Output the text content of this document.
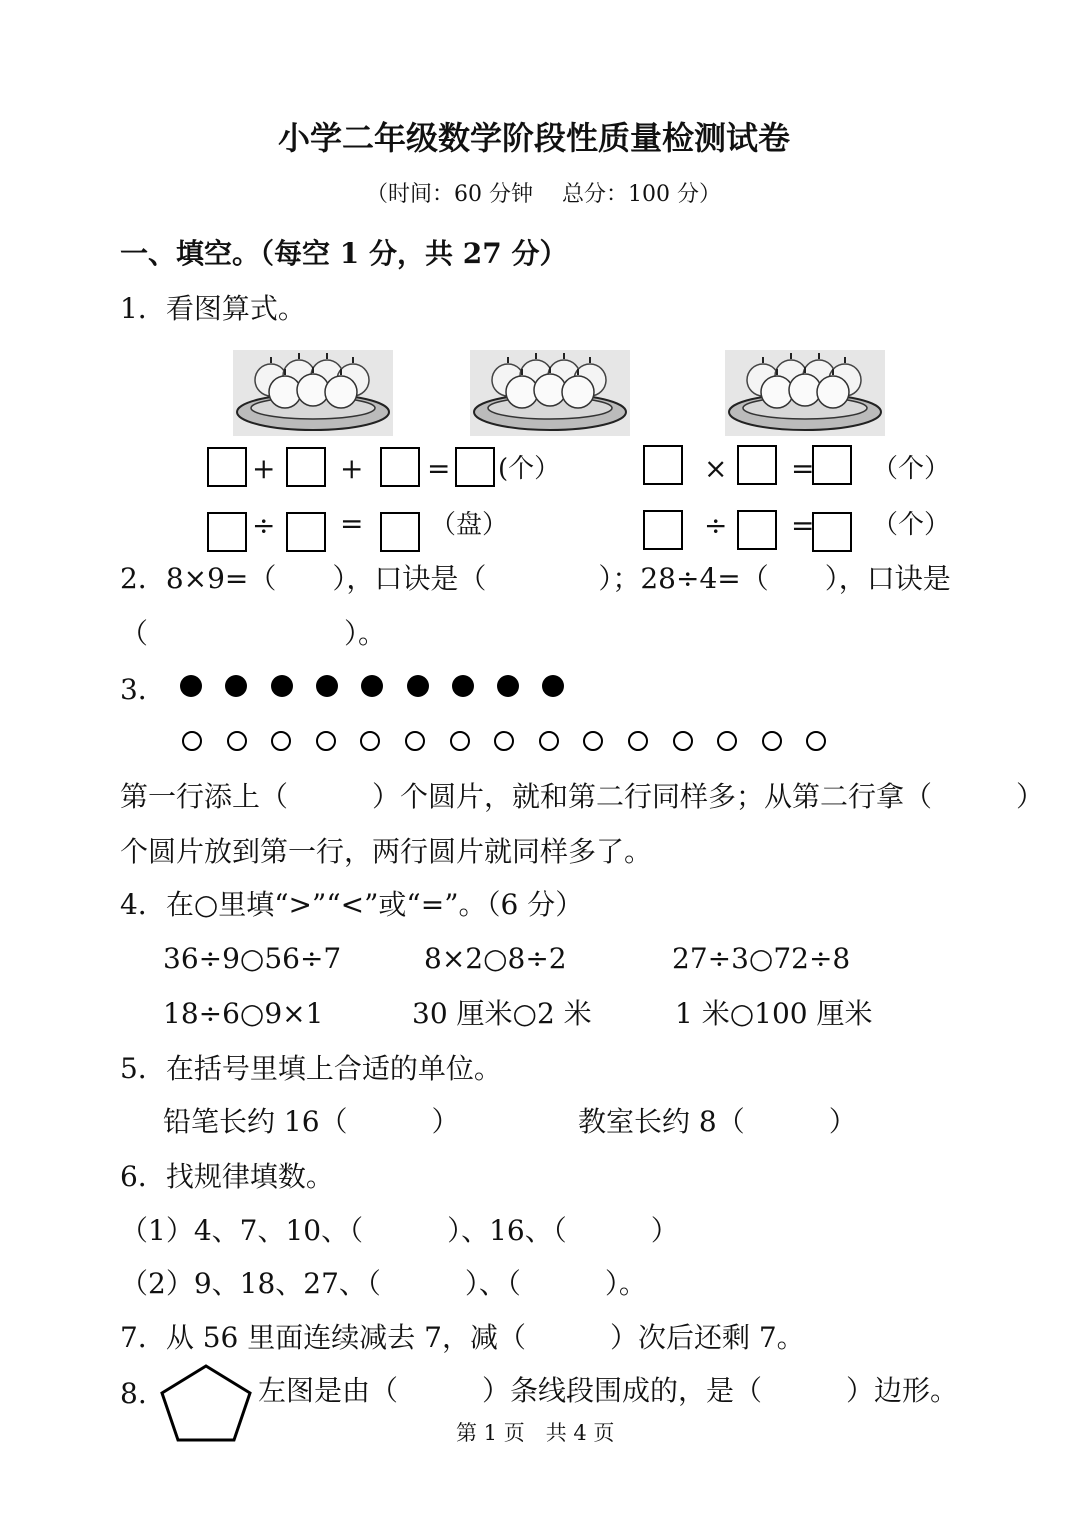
小学二年级数学阶段性质量检测试卷
（时间：60 分钟　 总分：100 分）
一、填空。（每空 1 分，共 27 分）
1．看图算式。
+ + = (个）	× = （个）
÷ =	（盘）	÷ = （个）
2．8×9=（　　），口诀是（　　　　）；28÷4=（　　），口诀是
（　　　　　　　）。
3．
第一行添上（　　　）个圆片，就和第二行同样多；从第二行拿（　　　）
个圆片放到第一行，两行圆片就同样多了。
4．在○里填“>”“<”或“=”。（6 分）
36÷9○56÷7	8×2○8÷2	27÷3○72÷8
18÷6○9×1	30 厘米○2 米	1 米○100 厘米
5．在括号里填上合适的单位。
铅笔长约 16（　　　）	教室长约 8（　　　）
6．找规律填数。
（1）4、7、10、（　　　）、16、（　　　）
（2）9、18、27、（　　　）、（　　　）。
7．从 56 里面连续减去 7，减（　　　）次后还剩 7。
8.	左图是由（　　　）条线段围成的，是（　　　）边形。
第 1 页　共 4 页
